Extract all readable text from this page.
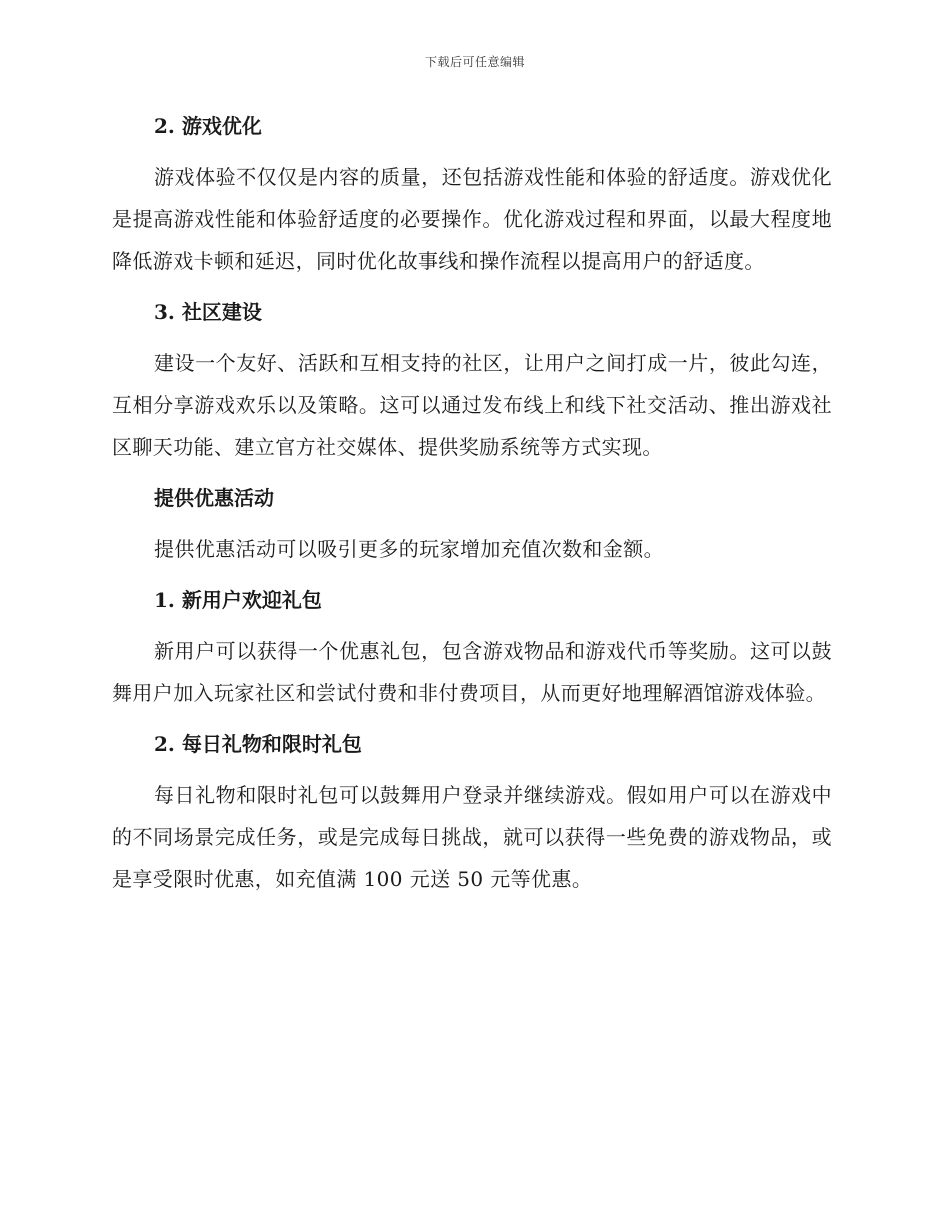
下载后可任意编辑
2. 游戏优化

游戏体验不仅仅是内容的质量，还包括游戏性能和体验的舒适度。游戏优化是提高游戏性能和体验舒适度的必要操作。优化游戏过程和界面，以最大程度地降低游戏卡顿和延迟，同时优化故事线和操作流程以提高用户的舒适度。

3. 社区建设

建设一个友好、活跃和互相支持的社区，让用户之间打成一片，彼此勾连，互相分享游戏欢乐以及策略。这可以通过发布线上和线下社交活动、推出游戏社区聊天功能、建立官方社交媒体、提供奖励系统等方式实现。

提供优惠活动

提供优惠活动可以吸引更多的玩家增加充值次数和金额。

1. 新用户欢迎礼包

新用户可以获得一个优惠礼包，包含游戏物品和游戏代币等奖励。这可以鼓舞用户加入玩家社区和尝试付费和非付费项目，从而更好地理解酒馆游戏体验。

2. 每日礼物和限时礼包

每日礼物和限时礼包可以鼓舞用户登录并继续游戏。假如用户可以在游戏中的不同场景完成任务，或是完成每日挑战，就可以获得一些免费的游戏物品，或是享受限时优惠，如充值满 100 元送 50 元等优惠。
